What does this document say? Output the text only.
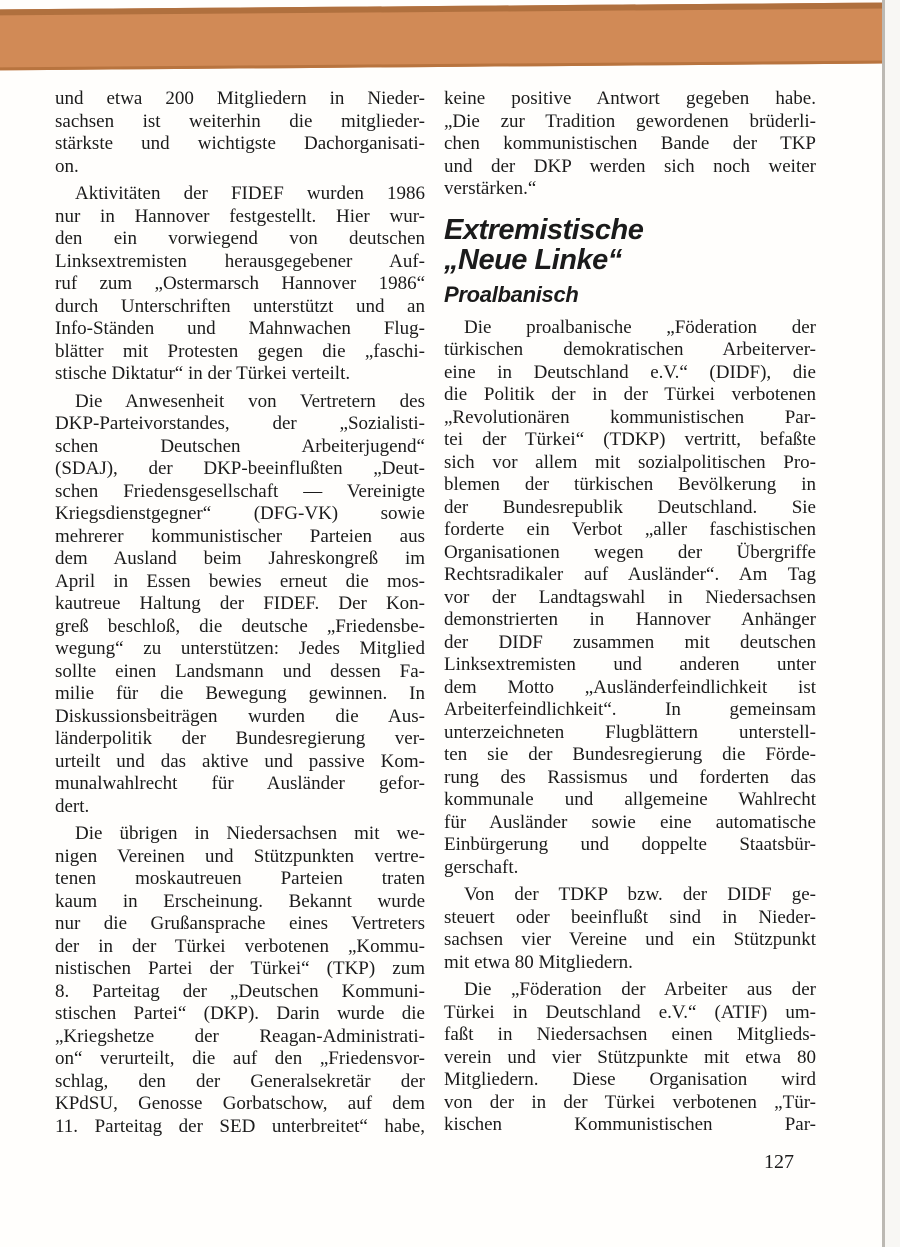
und etwa 200 Mitgliedern in Nieder-
sachsen ist weiterhin die mitglieder-
stärkste und wichtigste Dachorganisati-
on.
Aktivitäten der FIDEF wurden 1986
nur in Hannover festgestellt. Hier wur-
den ein vorwiegend von deutschen
Linksextremisten herausgegebener Auf-
ruf zum „Ostermarsch Hannover 1986“
durch Unterschriften unterstützt und an
Info-Ständen und Mahnwachen Flug-
blätter mit Protesten gegen die „faschi-
stische Diktatur“ in der Türkei verteilt.
Die Anwesenheit von Vertretern des
DKP-Parteivorstandes, der „Sozialisti-
schen Deutschen Arbeiterjugend“
(SDAJ), der DKP-beeinflußten „Deut-
schen Friedensgesellschaft — Vereinigte
Kriegsdienstgegner“ (DFG-VK) sowie
mehrerer kommunistischer Parteien aus
dem Ausland beim Jahreskongreß im
April in Essen bewies erneut die mos-
kautreue Haltung der FIDEF. Der Kon-
greß beschloß, die deutsche „Friedensbe-
wegung“ zu unterstützen: Jedes Mitglied
sollte einen Landsmann und dessen Fa-
milie für die Bewegung gewinnen. In
Diskussionsbeiträgen wurden die Aus-
länderpolitik der Bundesregierung ver-
urteilt und das aktive und passive Kom-
munalwahlrecht für Ausländer gefor-
dert.
Die übrigen in Niedersachsen mit we-
nigen Vereinen und Stützpunkten vertre-
tenen moskautreuen Parteien traten
kaum in Erscheinung. Bekannt wurde
nur die Grußansprache eines Vertreters
der in der Türkei verbotenen „Kommu-
nistischen Partei der Türkei“ (TKP) zum
8. Parteitag der „Deutschen Kommuni-
stischen Partei“ (DKP). Darin wurde die
„Kriegshetze der Reagan-Administrati-
on“ verurteilt, die auf den „Friedensvor-
schlag, den der Generalsekretär der
KPdSU, Genosse Gorbatschow, auf dem
11. Parteitag der SED unterbreitet“ habe,
keine positive Antwort gegeben habe.
„Die zur Tradition gewordenen brüderli-
chen kommunistischen Bande der TKP
und der DKP werden sich noch weiter
verstärken.“
Extremistische
„Neue Linke“
Proalbanisch
Die proalbanische „Föderation der
türkischen demokratischen Arbeiterver-
eine in Deutschland e.V.“ (DIDF), die
die Politik der in der Türkei verbotenen
„Revolutionären kommunistischen Par-
tei der Türkei“ (TDKP) vertritt, befaßte
sich vor allem mit sozialpolitischen Pro-
blemen der türkischen Bevölkerung in
der Bundesrepublik Deutschland. Sie
forderte ein Verbot „aller faschistischen
Organisationen wegen der Übergriffe
Rechtsradikaler auf Ausländer“. Am Tag
vor der Landtagswahl in Niedersachsen
demonstrierten in Hannover Anhänger
der DIDF zusammen mit deutschen
Linksextremisten und anderen unter
dem Motto „Ausländerfeindlichkeit ist
Arbeiterfeindlichkeit“. In gemeinsam
unterzeichneten Flugblättern unterstell-
ten sie der Bundesregierung die Förde-
rung des Rassismus und forderten das
kommunale und allgemeine Wahlrecht
für Ausländer sowie eine automatische
Einbürgerung und doppelte Staatsbür-
gerschaft.
Von der TDKP bzw. der DIDF ge-
steuert oder beeinflußt sind in Nieder-
sachsen vier Vereine und ein Stützpunkt
mit etwa 80 Mitgliedern.
Die „Föderation der Arbeiter aus der
Türkei in Deutschland e.V.“ (ATIF) um-
faßt in Niedersachsen einen Mitglieds-
verein und vier Stützpunkte mit etwa 80
Mitgliedern. Diese Organisation wird
von der in der Türkei verbotenen „Tür-
kischen Kommunistischen Par-
127
